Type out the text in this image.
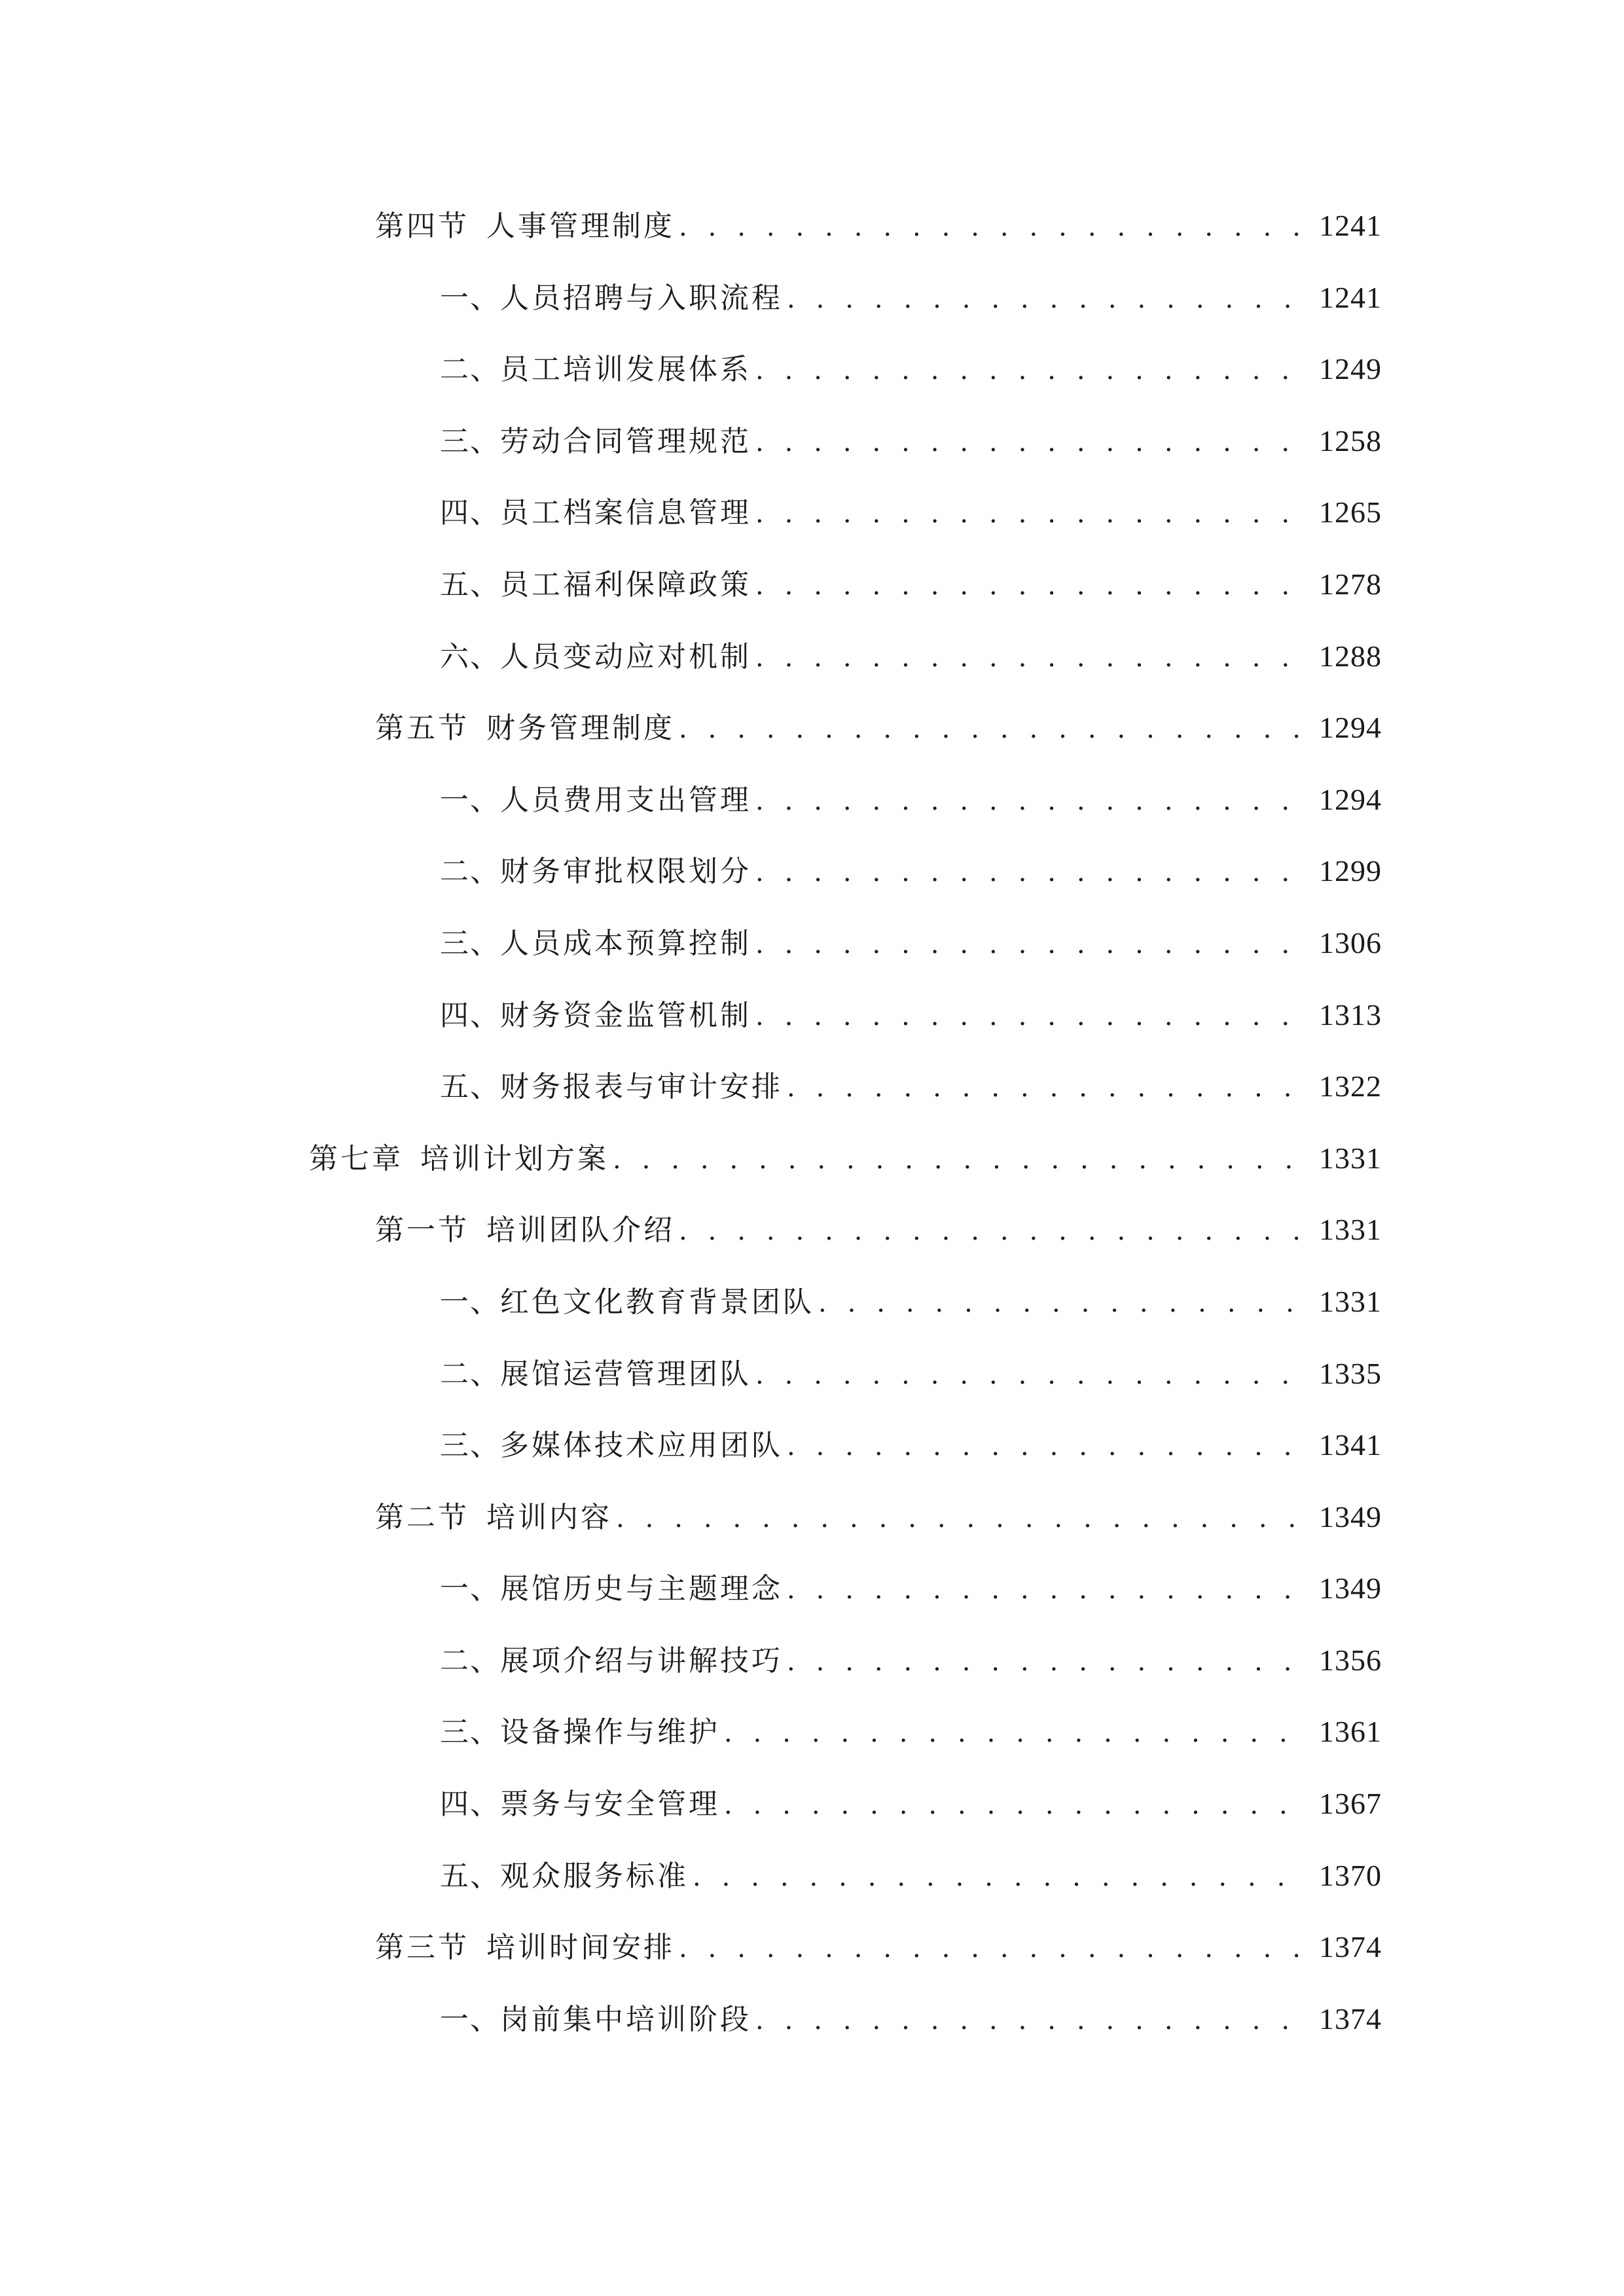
第四节 人事管理制度 . . .	1241
一、 人员招聘与入职流程 . . .	1241
二、 员工培训发展体系 . . .	1249
三、 劳动合同管理规范 . . .	1258
四、 员工档案信息管理 . . .	1265
五、 员工福利保障政策 . . .	1278
六、 人员变动应对机制 . . .	1288
第五节 财务管理制度 . . .	1294
一、 人员费用支出管理 . . .	1294
二、 财务审批权限划分 . . .	1299
三、 人员成本预算控制 . . .	1306
四、 财务资金监管机制 . . .	1313
五、 财务报表与审计安排 . . .	1322
第七章 培训计划方案 . . .	1331
第一节 培训团队介绍 . . .	1331
一、 红色文化教育背景团队 . . .	1331
二、 展馆运营管理团队 . . .	1335
三、 多媒体技术应用团队 . . .	1341
第二节 培训内容 . . .	1349
一、 展馆历史与主题理念 . . .	1349
二、 展项介绍与讲解技巧 . . .	1356
三、 设备操作与维护 . . .	1361
四、 票务与安全管理 . . .	1367
五、 观众服务标准 . . .	1370
第三节 培训时间安排 . . .	1374
一、 岗前集中培训阶段 . . .	1374
